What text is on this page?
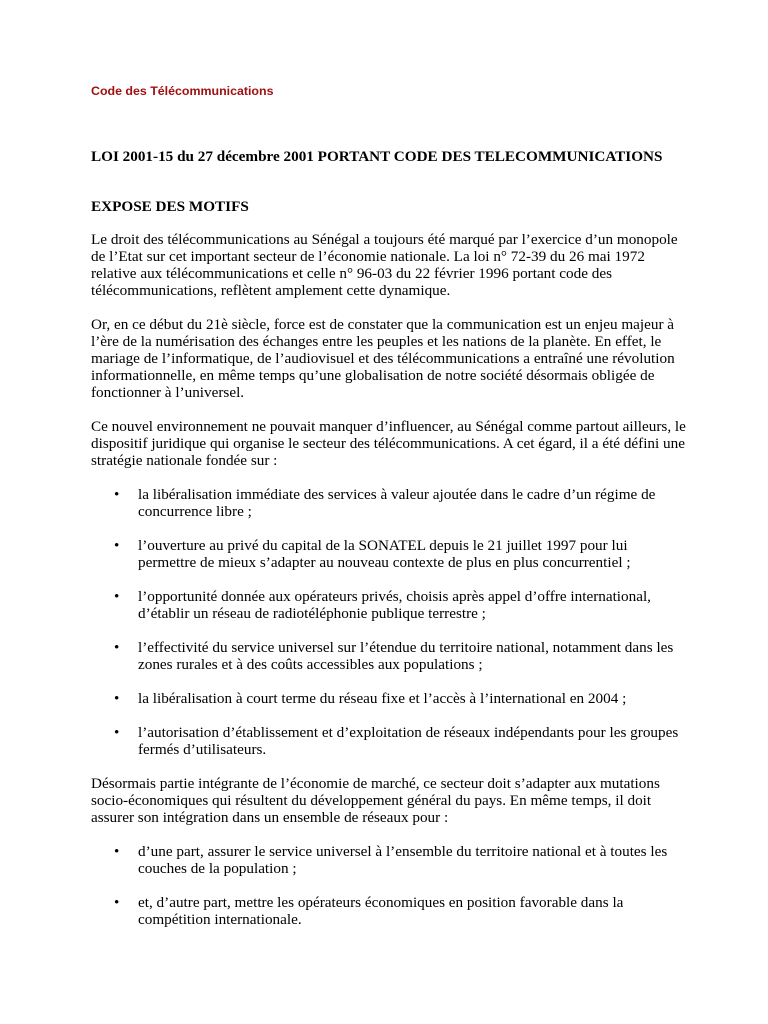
Code des Télécommunications

LOI 2001-15 du 27 décembre 2001 PORTANT CODE DES TELECOMMUNICATIONS
EXPOSE DES MOTIFS

Le droit des télécommunications au Sénégal a toujours été marqué par l’exercice d’un monopole de l’Etat sur cet important secteur de l’économie nationale. La loi n° 72-39 du 26 mai 1972 relative aux télécommunications et celle n° 96-03 du 22 février 1996 portant code des télécommunications, reflètent amplement cette dynamique.

Or, en ce début du 21è siècle, force est de constater que la communication est un enjeu majeur à l’ère de la numérisation des échanges entre les peuples et les nations de la planète. En effet, le mariage de l’informatique, de l’audiovisuel et des télécommunications a entraîné une révolution informationnelle, en même temps qu’une globalisation de notre société désormais obligée de fonctionner à l’universel.

Ce nouvel environnement ne pouvait manquer d’influencer, au Sénégal comme partout ailleurs, le dispositif juridique qui organise le secteur des télécommunications. A cet égard, il a été défini une stratégie nationale fondée sur :

• la libéralisation immédiate des services à valeur ajoutée dans le cadre d’un régime de concurrence libre ;
• l’ouverture au privé du capital de la SONATEL depuis le 21 juillet 1997 pour lui permettre de mieux s’adapter au nouveau contexte de plus en plus concurrentiel ;
• l’opportunité donnée aux opérateurs privés, choisis après appel d’offre international, d’établir un réseau de radiotéléphonie publique terrestre ;
• l’effectivité du service universel sur l’étendue du territoire national, notamment dans les zones rurales et à des coûts accessibles aux populations ;
• la libéralisation à court terme du réseau fixe et l’accès à l’international en 2004 ;
• l’autorisation d’établissement et d’exploitation de réseaux indépendants pour les groupes fermés d’utilisateurs.

Désormais partie intégrante de l’économie de marché, ce secteur doit s’adapter aux mutations socio-économiques qui résultent du développement général du pays. En même temps, il doit assurer son intégration dans un ensemble de réseaux pour :

• d’une part, assurer le service universel à l’ensemble du territoire national et à toutes les couches de la population ;
• et, d’autre part, mettre les opérateurs économiques en position favorable dans la compétition internationale.
